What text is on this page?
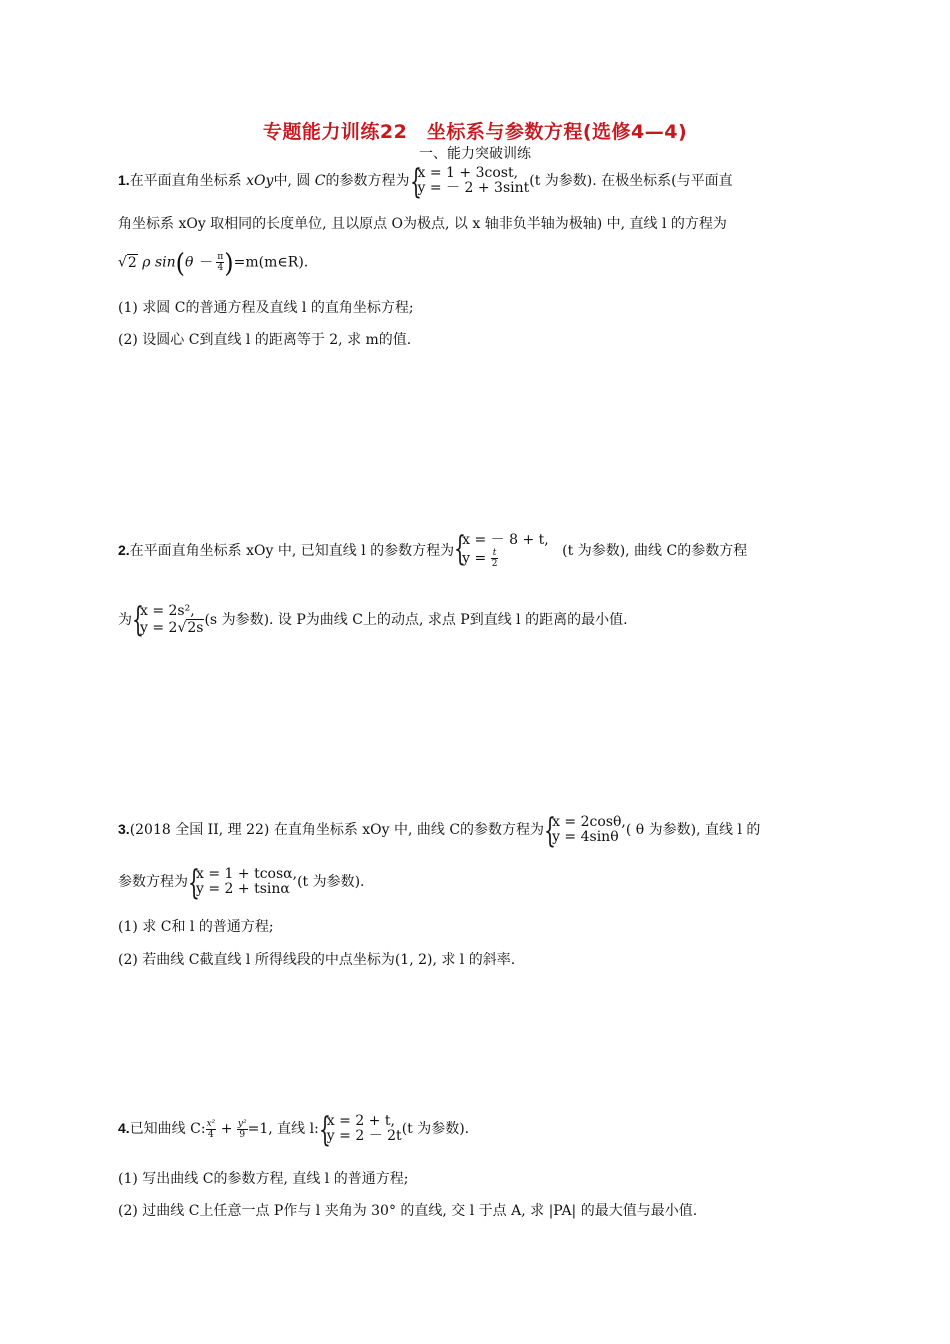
专题能力训练22　坐标系与参数方程(选修4—4)
一、能力突破训练
1.在平面直角坐标系 xOy中, 圆 C的参数方程为 {
x = 1 + 3cost,
y = － 2 + 3sint (t 为参数). 在极坐标系(与平面直
角坐标系 xOy 取相同的长度单位, 且以原点 O为极点, 以 x 轴非负半轴为极轴) 中, 直线 l 的方程为
√2 ρ $\sin(\theta - \frac{\pi}{4}$ )=m(m∈R).
(1) 求圆 C的普通方程及直线 l 的直角坐标方程;
(2) 设圆心 C到直线 l 的距离等于 2, 求 m的值.
2.在平面直角坐标系 xOy 中, 已知直线 l 的参数方程为 {
x = － 8 + t,
$y = \frac{t}{2}$	(t 为参数), 曲线 C的参数方程
为 {
x = 2s²,
y = 2√2s (s 为参数). 设 P为曲线 C上的动点, 求点 P到直线 l 的距离的最小值.
3.(2018 全国 II, 理 22) 在直角坐标系 xOy 中, 曲线 C的参数方程为 {
x = 2cosθ,
y = 4sinθ ( θ 为参数), 直线 l 的
参数方程为 {
x = 1 + tcosα,
y = 2 + tsinα (t 为参数).
(1) 求 C和 l 的普通方程;
(2) 若曲线 C截直线 l 所得线段的中点坐标为(1, 2), 求 l 的斜率.
4.已知曲线 C: $\frac{\text{x²}}{4} + \frac{\text{y²}}{9} =1$, 直线 l: {
x = 2 + t,
y = 2 － 2t (t 为参数).
(1) 写出曲线 C的参数方程, 直线 l 的普通方程;
(2) 过曲线 C上任意一点 P作与 l 夹角为 30° 的直线, 交 l 于点 A, 求 |PA| 的最大值与最小值.
